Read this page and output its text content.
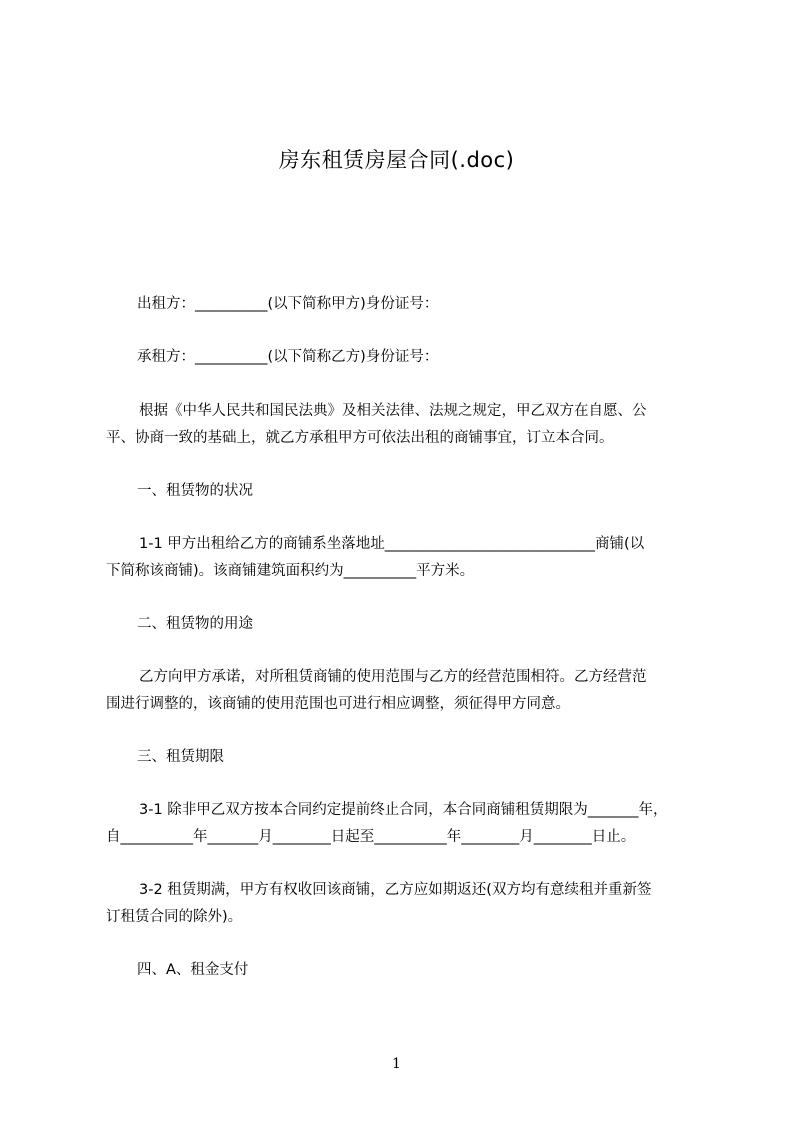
房东租赁房屋合同(.doc)
出租方：__________(以下简称甲方)身份证号：
承租方：__________(以下简称乙方)身份证号：
根据《中华人民共和国民法典》及相关法律、法规之规定，甲乙双方在自愿、公
平、协商一致的基础上，就乙方承租甲方可依法出租的商铺事宜，订立本合同。
一、租赁物的状况
1-1 甲方出租给乙方的商铺系坐落地址_____________________________商铺(以
下简称该商铺)。该商铺建筑面积约为__________平方米。
二、租赁物的用途
乙方向甲方承诺，对所租赁商铺的使用范围与乙方的经营范围相符。乙方经营范
围进行调整的，该商铺的使用范围也可进行相应调整，须征得甲方同意。
三、租赁期限
3-1 除非甲乙双方按本合同约定提前终止合同，本合同商铺租赁期限为_______年，
自__________年_______月________日起至__________年________月________日止。
3-2 租赁期满，甲方有权收回该商铺，乙方应如期返还(双方均有意续租并重新签
订租赁合同的除外)。
四、A、租金支付
1
